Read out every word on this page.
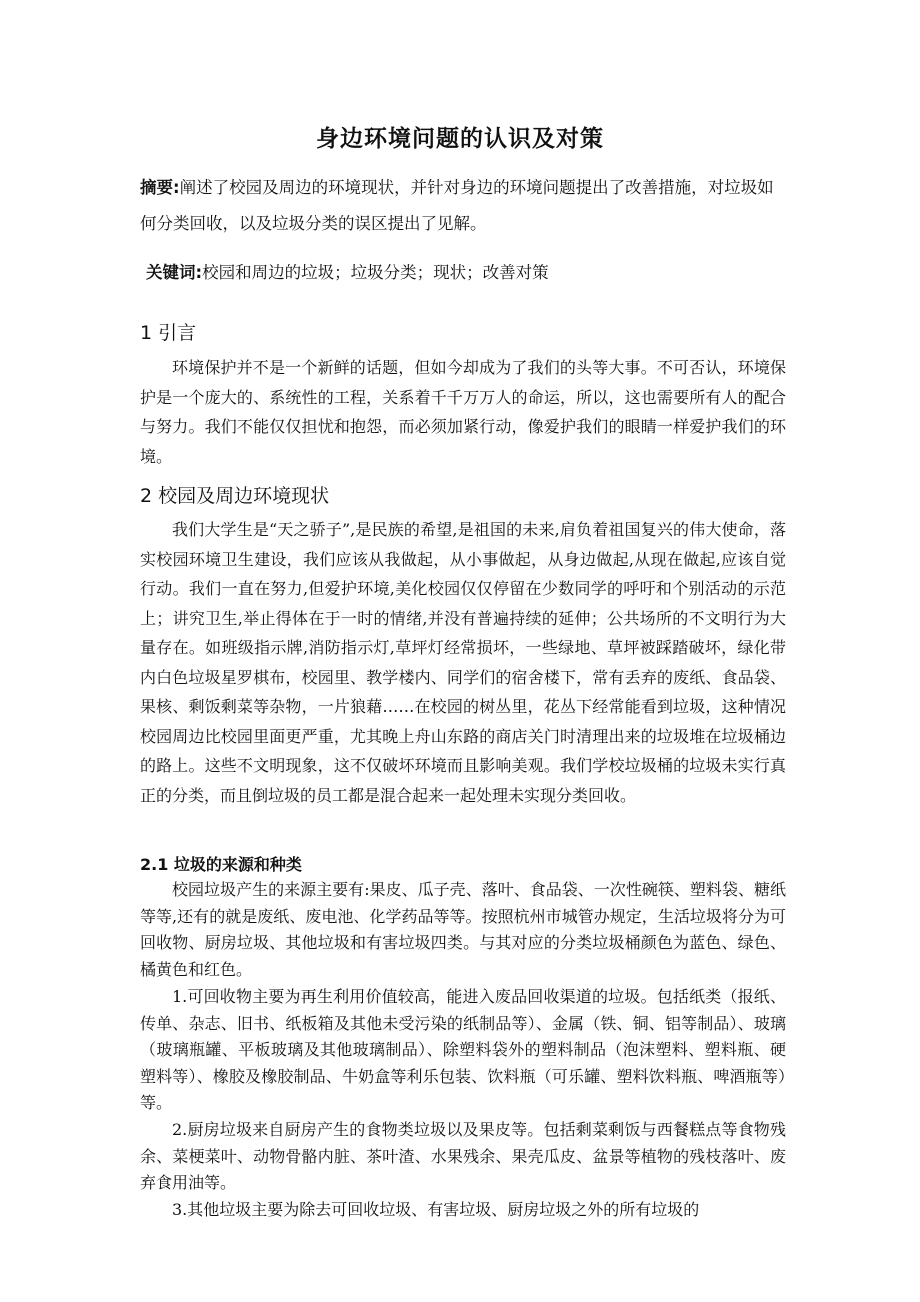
身边环境问题的认识及对策
摘要:阐述了校园及周边的环境现状，并针对身边的环境问题提出了改善措施，对垃圾如何分类回收，以及垃圾分类的误区提出了见解。
关键词:校园和周边的垃圾；垃圾分类；现状；改善对策
1 引言

环境保护并不是一个新鲜的话题，但如今却成为了我们的头等大事。不可否认，环境保护是一个庞大的、系统性的工程，关系着千千万万人的命运，所以，这也需要所有人的配合与努力。我们不能仅仅担忧和抱怨，而必须加紧行动，像爱护我们的眼睛一样爱护我们的环境。

2 校园及周边环境现状

我们大学生是“天之骄子”,是民族的希望,是祖国的未来,肩负着祖国复兴的伟大使命，落实校园环境卫生建设，我们应该从我做起，从小事做起，从身边做起,从现在做起,应该自觉行动。我们一直在努力,但爱护环境,美化校园仅仅停留在少数同学的呼吁和个别活动的示范上；讲究卫生,举止得体在于一时的情绪,并没有普遍持续的延伸；公共场所的不文明行为大量存在。如班级指示牌,消防指示灯,草坪灯经常损坏，一些绿地、草坪被踩踏破坏，绿化带内白色垃圾星罗棋布，校园里、教学楼内、同学们的宿舍楼下，常有丢弃的废纸、食品袋、果核、剩饭剩菜等杂物，一片狼藉……在校园的树丛里，花丛下经常能看到垃圾，这种情况校园周边比校园里面更严重，尤其晚上舟山东路的商店关门时清理出来的垃圾堆在垃圾桶边的路上。这些不文明现象，这不仅破坏环境而且影响美观。我们学校垃圾桶的垃圾未实行真正的分类，而且倒垃圾的员工都是混合起来一起处理未实现分类回收。

2.1 垃圾的来源和种类

校园垃圾产生的来源主要有:果皮、瓜子壳、落叶、食品袋、一次性碗筷、塑料袋、糖纸等等,还有的就是废纸、废电池、化学药品等等。按照杭州市城管办规定，生活垃圾将分为可回收物、厨房垃圾、其他垃圾和有害垃圾四类。与其对应的分类垃圾桶颜色为蓝色、绿色、橘黄色和红色。

1.可回收物主要为再生利用价值较高，能进入废品回收渠道的垃圾。包括纸类（报纸、传单、杂志、旧书、纸板箱及其他未受污染的纸制品等）、金属（铁、铜、铝等制品）、玻璃（玻璃瓶罐、平板玻璃及其他玻璃制品）、除塑料袋外的塑料制品（泡沫塑料、塑料瓶、硬塑料等）、橡胶及橡胶制品、牛奶盒等利乐包装、饮料瓶（可乐罐、塑料饮料瓶、啤酒瓶等）等。

2.厨房垃圾来自厨房产生的食物类垃圾以及果皮等。包括剩菜剩饭与西餐糕点等食物残余、菜梗菜叶、动物骨骼内脏、茶叶渣、水果残余、果壳瓜皮、盆景等植物的残枝落叶、废弃食用油等。

3.其他垃圾主要为除去可回收垃圾、有害垃圾、厨房垃圾之外的所有垃圾的
